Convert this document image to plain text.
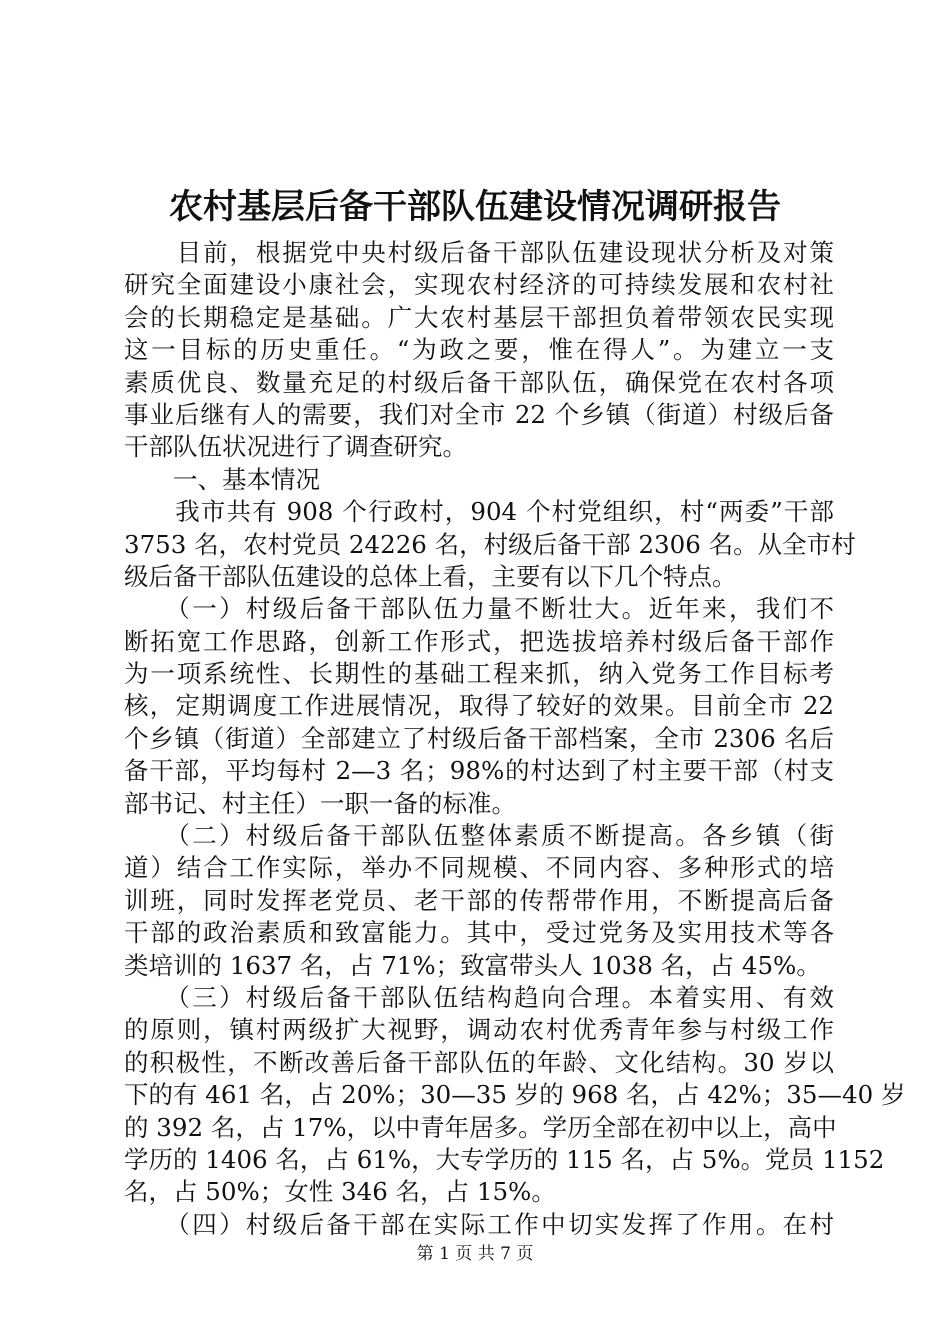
农村基层后备干部队伍建设情况调研报告
　　目前，根据党中央村级后备干部队伍建设现状分析及对策
研究全面建设小康社会，实现农村经济的可持续发展和农村社
会的长期稳定是基础。广大农村基层干部担负着带领农民实现
这一目标的历史重任。“为政之要，惟在得人”。为建立一支
素质优良、数量充足的村级后备干部队伍，确保党在农村各项
事业后继有人的需要，我们对全市 22 个乡镇（街道）村级后备
干部队伍状况进行了调查研究。
　　一、基本情况
　　我市共有 908 个行政村，904 个村党组织，村“两委”干部
3753 名，农村党员 24226 名，村级后备干部 2306 名。从全市村
级后备干部队伍建设的总体上看，主要有以下几个特点。
　　（一）村级后备干部队伍力量不断壮大。近年来，我们不
断拓宽工作思路，创新工作形式，把选拔培养村级后备干部作
为一项系统性、长期性的基础工程来抓，纳入党务工作目标考
核，定期调度工作进展情况，取得了较好的效果。目前全市 22
个乡镇（街道）全部建立了村级后备干部档案，全市 2306 名后
备干部，平均每村 2—3 名；98%的村达到了村主要干部（村支
部书记、村主任）一职一备的标准。
　　（二）村级后备干部队伍整体素质不断提高。各乡镇（街
道）结合工作实际，举办不同规模、不同内容、多种形式的培
训班，同时发挥老党员、老干部的传帮带作用，不断提高后备
干部的政治素质和致富能力。其中，受过党务及实用技术等各
类培训的 1637 名，占 71%；致富带头人 1038 名，占 45%。
　　（三）村级后备干部队伍结构趋向合理。本着实用、有效
的原则，镇村两级扩大视野，调动农村优秀青年参与村级工作
的积极性，不断改善后备干部队伍的年龄、文化结构。30 岁以
下的有 461 名，占 20%；30—35 岁的 968 名，占 42%；35—40 岁
的 392 名，占 17%，以中青年居多。学历全部在初中以上，高中
学历的 1406 名，占 61%，大专学历的 115 名，占 5%。党员 1152
名，占 50%；女性 346 名，占 15%。
　　（四）村级后备干部在实际工作中切实发挥了作用。在村
第 1 页 共 7 页
